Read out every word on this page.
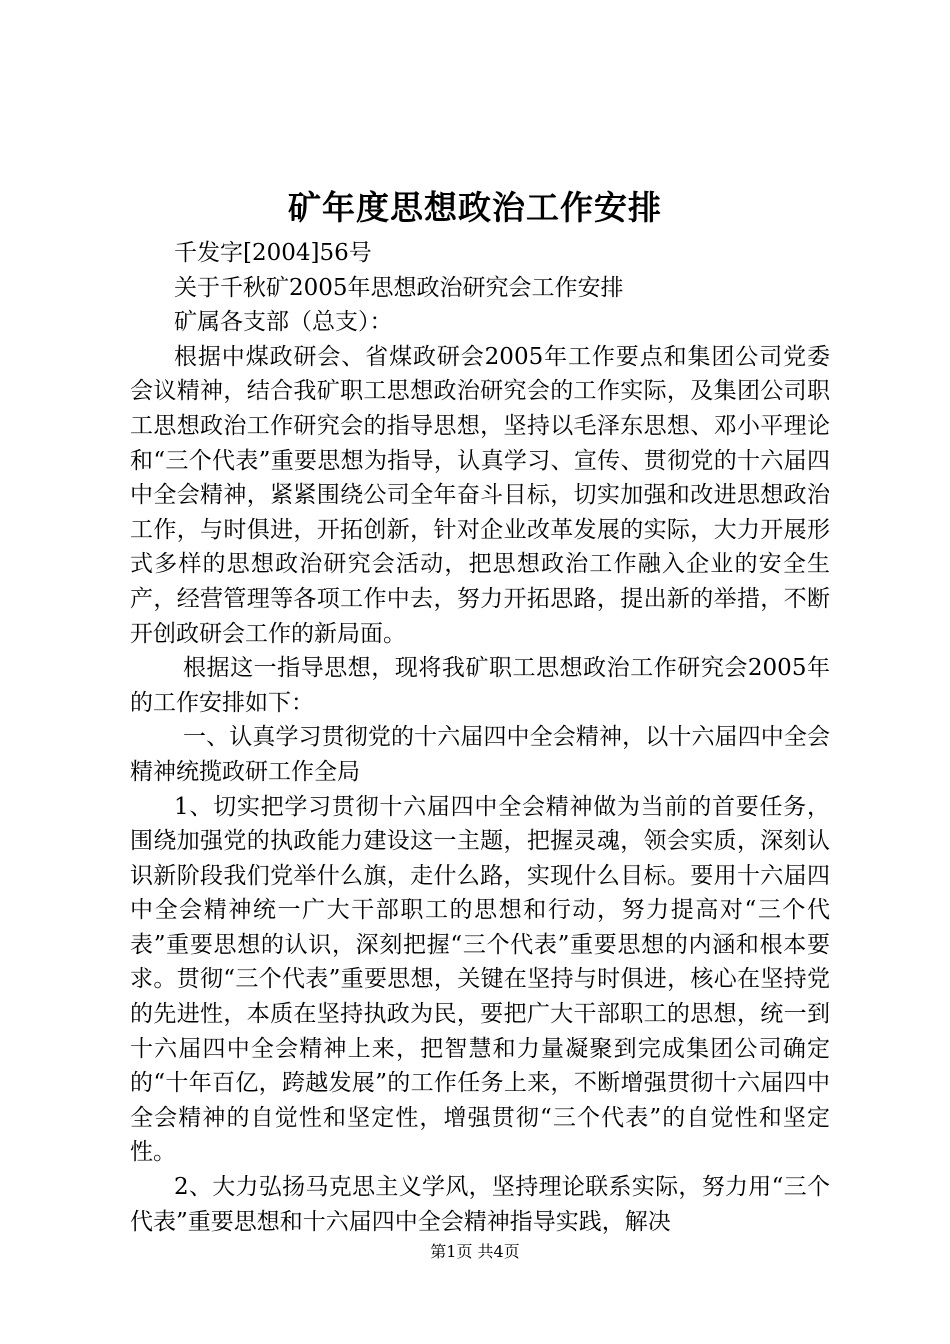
矿年度思想政治工作安排

千发字[2004]56号

关于千秋矿2005年思想政治研究会工作安排

矿属各支部（总支）：

根据中煤政研会、省煤政研会2005年工作要点和集团公司党委会议精神，结合我矿职工思想政治研究会的工作实际，及集团公司职工思想政治工作研究会的指导思想，坚持以毛泽东思想、邓小平理论和“三个代表”重要思想为指导，认真学习、宣传、贯彻党的十六届四中全会精神，紧紧围绕公司全年奋斗目标，切实加强和改进思想政治工作，与时俱进，开拓创新，针对企业改革发展的实际，大力开展形式多样的思想政治研究会活动，把思想政治工作融入企业的安全生产，经营管理等各项工作中去，努力开拓思路，提出新的举措，不断开创政研会工作的新局面。

根据这一指导思想，现将我矿职工思想政治工作研究会2005年的工作安排如下：

一、认真学习贯彻党的十六届四中全会精神，以十六届四中全会精神统揽政研工作全局

1、切实把学习贯彻十六届四中全会精神做为当前的首要任务，围绕加强党的执政能力建设这一主题，把握灵魂，领会实质，深刻认识新阶段我们党举什么旗，走什么路，实现什么目标。要用十六届四中全会精神统一广大干部职工的思想和行动，努力提高对“三个代表”重要思想的认识，深刻把握“三个代表”重要思想的内涵和根本要求。贯彻“三个代表”重要思想，关键在坚持与时俱进，核心在坚持党的先进性，本质在坚持执政为民，要把广大干部职工的思想，统一到十六届四中全会精神上来，把智慧和力量凝聚到完成集团公司确定的“十年百亿，跨越发展”的工作任务上来，不断增强贯彻十六届四中全会精神的自觉性和坚定性，增强贯彻“三个代表”的自觉性和坚定性。

2、大力弘扬马克思主义学风，坚持理论联系实际，努力用“三个代表”重要思想和十六届四中全会精神指导实践，解决

第1页 共4页
